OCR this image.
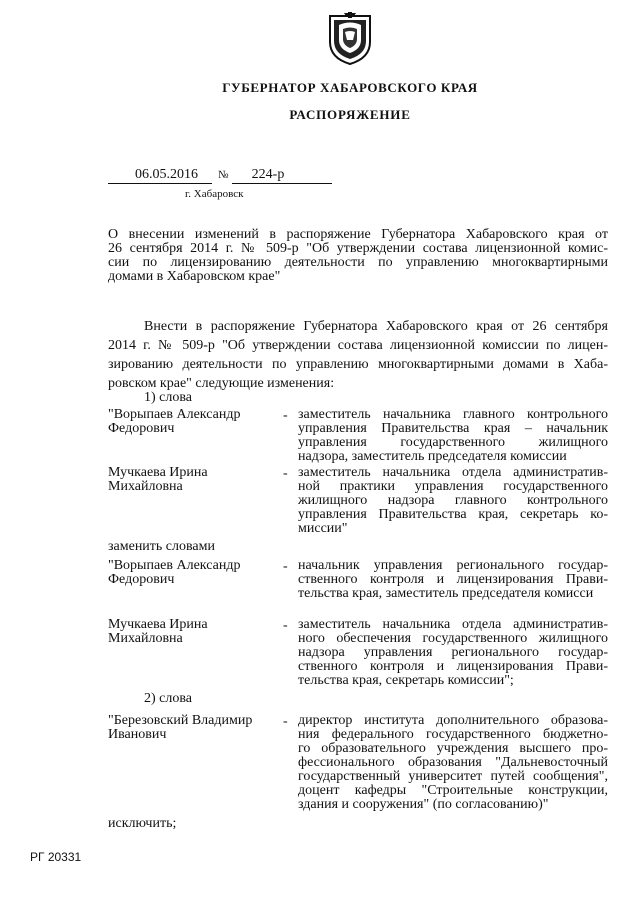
ГУБЕРНАТОР ХАБАРОВСКОГО КРАЯ
РАСПОРЯЖЕНИЕ
06.05.2016 №	224-р
г. Хабаровск
О внесении изменений в распоряжение Губернатора Хабаровского края от
26 сентября 2014 г. № 509-р "Об утверждении состава лицензионной комис-
сии по лицензированию деятельности по управлению многоквартирными
домами в Хабаровском крае"
Внести в распоряжение Губернатора Хабаровского края от 26 сентября
2014 г. № 509-р "Об утверждении состава лицензионной комиссии по лицен-
зированию деятельности по управлению многоквартирными домами в Хаба-
ровском крае" следующие изменения:
1) слова
"Ворыпаев Александр
Федорович
- заместитель начальника главного контрольного
управления Правительства края – начальник
управления государственного жилищного
надзора, заместитель председателя комиссии
Мучкаева Ирина
Михайловна
- заместитель начальника отдела административ-
ной практики управления государственного
жилищного надзора главного контрольного
управления Правительства края, секретарь ко-
миссии"
заменить словами
"Ворыпаев Александр
Федорович
- начальник управления регионального государ-
ственного контроля и лицензирования Прави-
тельства края, заместитель председателя комисси
Мучкаева Ирина
Михайловна
- заместитель начальника отдела административ-
ного обеспечения государственного жилищного
надзора управления регионального государ-
ственного контроля и лицензирования Прави-
тельства края, секретарь комиссии";
2) слова
"Березовский Владимир
Иванович
- директор института дополнительного образова-
ния федерального государственного бюджетно-
го образовательного учреждения высшего про-
фессионального образования "Дальневосточный
государственный университет путей сообщения",
доцент кафедры "Строительные конструкции,
здания и сооружения" (по согласованию)"
исключить;
РГ 20331
